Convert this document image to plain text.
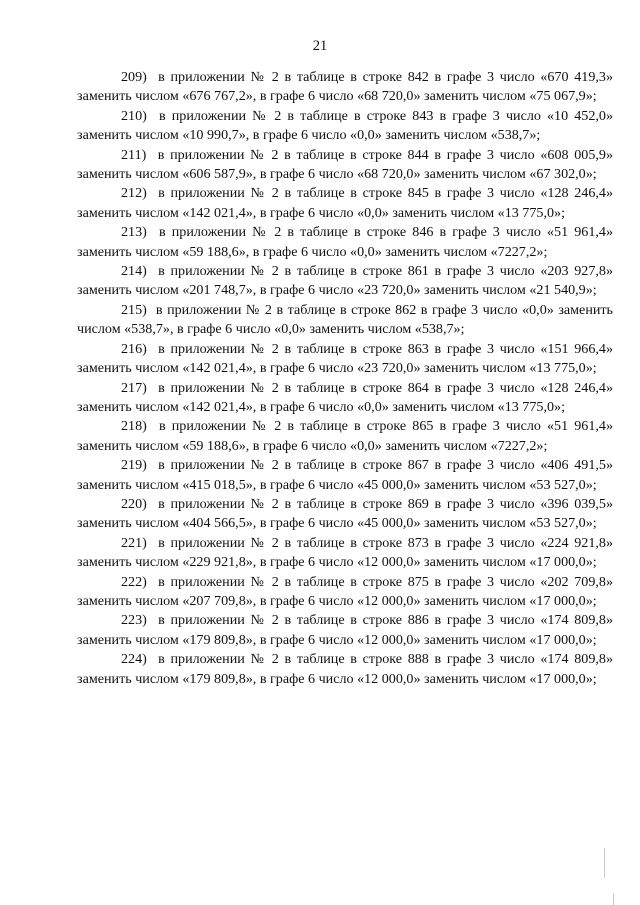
21

209)  в приложении № 2 в таблице в строке 842 в графе 3 число «670 419,3» заменить числом «676 767,2», в графе 6 число «68 720,0» заменить числом «75 067,9»;

210)  в приложении № 2 в таблице в строке 843 в графе 3 число «10 452,0» заменить числом «10 990,7», в графе 6 число «0,0» заменить числом «538,7»;

211)  в приложении № 2 в таблице в строке 844 в графе 3 число «608 005,9» заменить числом «606 587,9», в графе 6 число «68 720,0» заменить числом «67 302,0»;

212)  в приложении № 2 в таблице в строке 845 в графе 3 число «128 246,4» заменить числом «142 021,4», в графе 6 число «0,0» заменить числом «13 775,0»;

213)  в приложении № 2 в таблице в строке 846 в графе 3 число «51 961,4» заменить числом «59 188,6», в графе 6 число «0,0» заменить числом «7227,2»;

214)  в приложении № 2 в таблице в строке 861 в графе 3 число «203 927,8» заменить числом «201 748,7», в графе 6 число «23 720,0» заменить числом «21 540,9»;

215)  в приложении № 2 в таблице в строке 862 в графе 3 число «0,0» заменить числом «538,7», в графе 6 число «0,0» заменить числом «538,7»;

216)  в приложении № 2 в таблице в строке 863 в графе 3 число «151 966,4» заменить числом «142 021,4», в графе 6 число «23 720,0» заменить числом «13 775,0»;

217)  в приложении № 2 в таблице в строке 864 в графе 3 число «128 246,4» заменить числом «142 021,4», в графе 6 число «0,0» заменить числом «13 775,0»;

218)  в приложении № 2 в таблице в строке 865 в графе 3 число «51 961,4» заменить числом «59 188,6», в графе 6 число «0,0» заменить числом «7227,2»;

219)  в приложении № 2 в таблице в строке 867 в графе 3 число «406 491,5» заменить числом «415 018,5», в графе 6 число «45 000,0» заменить числом «53 527,0»;

220)  в приложении № 2 в таблице в строке 869 в графе 3 число «396 039,5» заменить числом «404 566,5», в графе 6 число «45 000,0» заменить числом «53 527,0»;

221)  в приложении № 2 в таблице в строке 873 в графе 3 число «224 921,8» заменить числом «229 921,8», в графе 6 число «12 000,0» заменить числом «17 000,0»;

222)  в приложении № 2 в таблице в строке 875 в графе 3 число «202 709,8» заменить числом «207 709,8», в графе 6 число «12 000,0» заменить числом «17 000,0»;

223)  в приложении № 2 в таблице в строке 886 в графе 3 число «174 809,8» заменить числом «179 809,8», в графе 6 число «12 000,0» заменить числом «17 000,0»;

224)  в приложении № 2 в таблице в строке 888 в графе 3 число «174 809,8» заменить числом «179 809,8», в графе 6 число «12 000,0» заменить числом «17 000,0»;
